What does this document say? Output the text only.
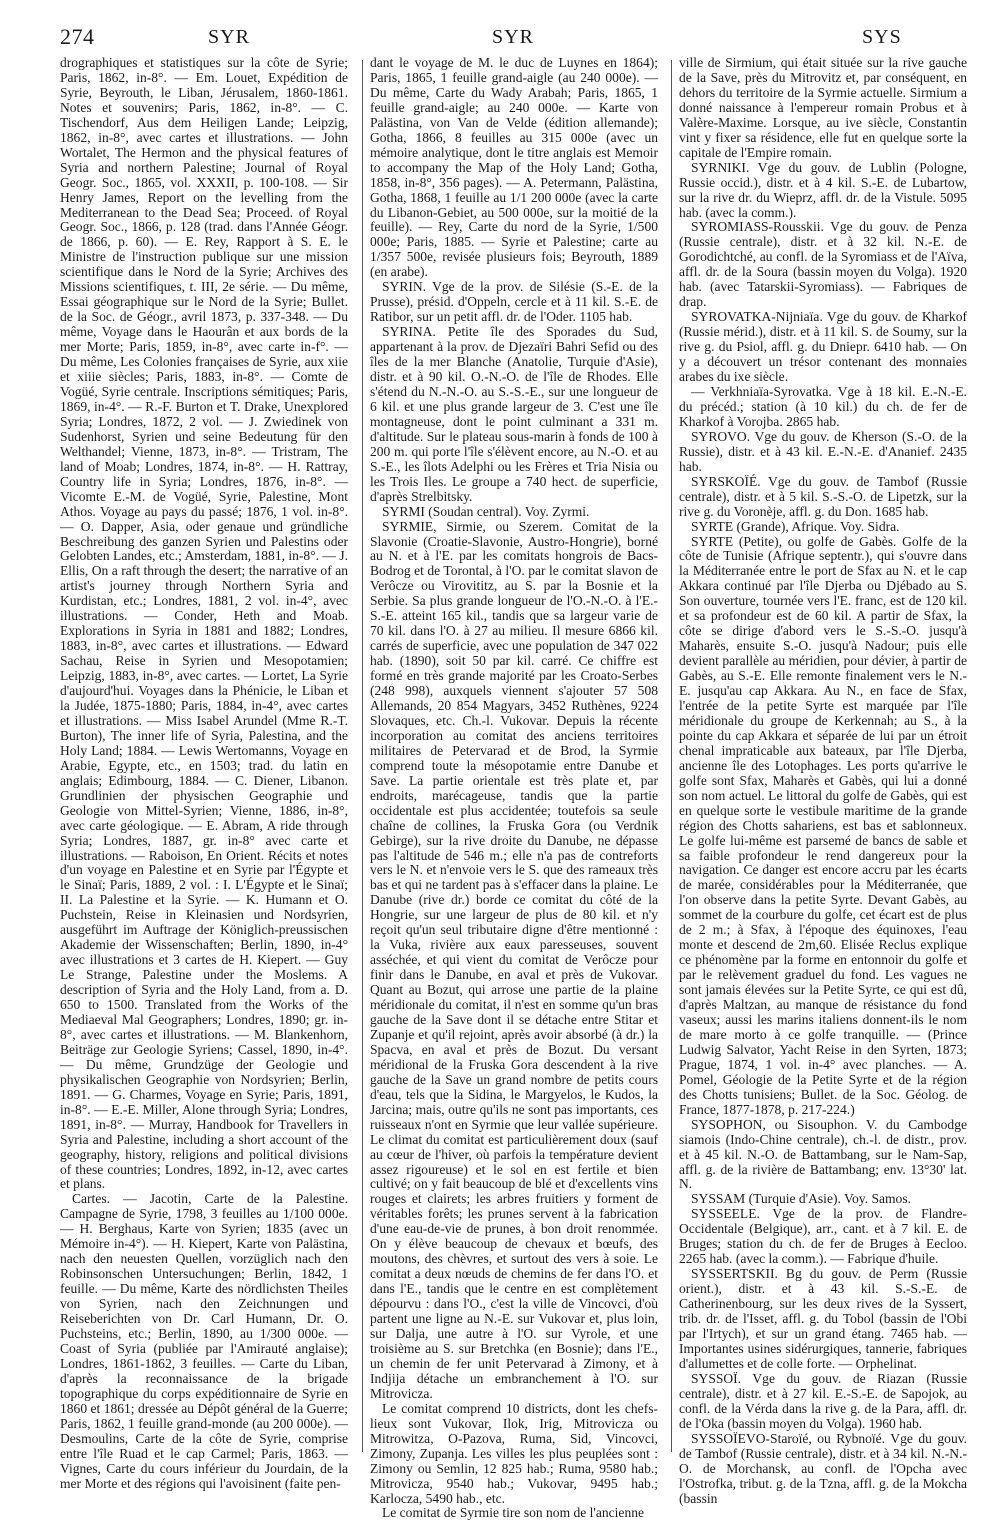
274	SYR	SYR	SYS

drographiques et statistiques sur la côte de Syrie; Paris, 1862, in-8°. — Em. Louet, Expédition de Syrie, Beyrouth, le Liban, Jérusalem, 1860-1861. Notes et souvenirs; Paris, 1862, in-8°. — C. Tischendorf, Aus dem Heiligen Lande; Leipzig, 1862, in-8°, avec cartes et illustrations. — John Wortalet, The Hermon and the physical features of Syria and northern Palestine; Journal of Royal Geogr. Soc., 1865, vol. XXXII, p. 100-108. — Sir Henry James, Report on the levelling from the Mediterranean to the Dead Sea; Proceed. of Royal Geogr. Soc., 1866, p. 128 (trad. dans l'Année Géogr. de 1866, p. 60). — E. Rey, Rapport à S. E. le Ministre de l'instruction publique sur une mission scientifique dans le Nord de la Syrie; Archives des Missions scientifiques, t. III, 2e série. — Du même, Essai géographique sur le Nord de la Syrie; Bullet. de la Soc. de Géogr., avril 1873, p. 337-348. — Du même, Voyage dans le Haourân et aux bords de la mer Morte; Paris, 1859, in-8°, avec carte in-f°. — Du même, Les Colonies françaises de Syrie, aux xiie et xiiie siècles; Paris, 1883, in-8°. — Comte de Vogüé, Syrie centrale. Inscriptions sémitiques; Paris, 1869, in-4°. — R.-F. Burton et T. Drake, Unexplored Syria; Londres, 1872, 2 vol. — J. Zwiedinek von Sudenhorst, Syrien und seine Bedeutung für den Welthandel; Vienne, 1873, in-8°. — Tristram, The land of Moab; Londres, 1874, in-8°. — H. Rattray, Country life in Syria; Londres, 1876, in-8°. — Vicomte E.-M. de Vogüé, Syrie, Palestine, Mont Athos. Voyage au pays du passé; 1876, 1 vol. in-8°. — O. Dapper, Asia, oder genaue und gründliche Beschreibung des ganzen Syrien und Palestins oder Gelobten Landes, etc.; Amsterdam, 1881, in-8°. — J. Ellis, On a raft through the desert; the narrative of an artist's journey through Northern Syria and Kurdistan, etc.; Londres, 1881, 2 vol. in-4°, avec illustrations. — Conder, Heth and Moab. Explorations in Syria in 1881 and 1882; Londres, 1883, in-8°, avec cartes et illustrations. — Edward Sachau, Reise in Syrien und Mesopotamien; Leipzig, 1883, in-8°, avec cartes. — Lortet, La Syrie d'aujourd'hui. Voyages dans la Phénicie, le Liban et la Judée, 1875-1880; Paris, 1884, in-4°, avec cartes et illustrations. — Miss Isabel Arundel (Mme R.-T. Burton), The inner life of Syria, Palestina, and the Holy Land; 1884. — Lewis Wertomanns, Voyage en Arabie, Egypte, etc., en 1503; trad. du latin en anglais; Edimbourg, 1884. — C. Diener, Libanon. Grundlinien der physischen Geographie und Geologie von Mittel-Syrien; Vienne, 1886, in-8°, avec carte géologique. — E. Abram, A ride through Syria; Londres, 1887, gr. in-8° avec carte et illustrations. — Raboison, En Orient. Récits et notes d'un voyage en Palestine et en Syrie par l'Égypte et le Sinaï; Paris, 1889, 2 vol. : I. L'Égypte et le Sinaï; II. La Palestine et la Syrie. — K. Humann et O. Puchstein, Reise in Kleinasien und Nordsyrien, ausgeführt im Auftrage der Königlich-preussischen Akademie der Wissenschaften; Berlin, 1890, in-4° avec illustrations et 3 cartes de H. Kiepert. — Guy Le Strange, Palestine under the Moslems. A description of Syria and the Holy Land, from a. D. 650 to 1500. Translated from the Works of the Mediaeval Mal Geographers; Londres, 1890; gr. in-8°, avec cartes et illustrations. — M. Blankenhorn, Beiträge zur Geologie Syriens; Cassel, 1890, in-4°. — Du même, Grundzüge der Geologie und physikalischen Geographie von Nordsyrien; Berlin, 1891. — G. Charmes, Voyage en Syrie; Paris, 1891, in-8°. — E.-E. Miller, Alone through Syria; Londres, 1891, in-8°. — Murray, Handbook for Travellers in Syria and Palestine, including a short account of the geography, history, religions and political divisions of these countries; Londres, 1892, in-12, avec cartes et plans.

Cartes. — Jacotin, Carte de la Palestine. Campagne de Syrie, 1798, 3 feuilles au 1/100 000e. — H. Berghaus, Karte von Syrien; 1835 (avec un Mémoire in-4°). — H. Kiepert, Karte von Palästina, nach den neuesten Quellen, vorzüglich nach den Robinsonschen Untersuchungen; Berlin, 1842, 1 feuille. — Du même, Karte des nördlichsten Theiles von Syrien, nach den Zeichnungen und Reiseberichten von Dr. Carl Humann, Dr. O. Puchsteins, etc.; Berlin, 1890, au 1/300 000e. — Coast of Syria (publiée par l'Amirauté anglaise); Londres, 1861-1862, 3 feuilles. — Carte du Liban, d'après la reconnaissance de la brigade topographique du corps expéditionnaire de Syrie en 1860 et 1861; dressée au Dépôt général de la Guerre; Paris, 1862, 1 feuille grand-monde (au 200 000e). — Desmoulins, Carte de la côte de Syrie, comprise entre l'île Ruad et le cap Carmel; Paris, 1863. — Vignes, Carte du cours inférieur du Jourdain, de la mer Morte et des régions qui l'avoisinent (faite pen-

dant le voyage de M. le duc de Luynes en 1864); Paris, 1865, 1 feuille grand-aigle (au 240 000e). — Du même, Carte du Wady Arabah; Paris, 1865, 1 feuille grand-aigle; au 240 000e. — Karte von Palästina, von Van de Velde (édition allemande); Gotha, 1866, 8 feuilles au 315 000e (avec un mémoire analytique, dont le titre anglais est Memoir to accompany the Map of the Holy Land; Gotha, 1858, in-8°, 356 pages). — A. Petermann, Palästina, Gotha, 1868, 1 feuille au 1/1 200 000e (avec la carte du Libanon-Gebiet, au 500 000e, sur la moitié de la feuille). — Rey, Carte du nord de la Syrie, 1/500 000e; Paris, 1885. — Syrie et Palestine; carte au 1/357 500e, revisée plusieurs fois; Beyrouth, 1889 (en arabe).

SYRIN. Vge de la prov. de Silésie (S.-E. de la Prusse), présid. d'Oppeln, cercle et à 11 kil. S.-E. de Ratibor, sur un petit affl. dr. de l'Oder. 1105 hab.

SYRINA. Petite île des Sporades du Sud, appartenant à la prov. de Djezaïri Bahri Sefid ou des îles de la mer Blanche (Anatolie, Turquie d'Asie), distr. et à 90 kil. O.-N.-O. de l'île de Rhodes. Elle s'étend du N.-N.-O. au S.-S.-E., sur une longueur de 6 kil. et une plus grande largeur de 3. C'est une île montagneuse, dont le point culminant a 331 m. d'altitude. Sur le plateau sous-marin à fonds de 100 à 200 m. qui porte l'île s'élèvent encore, au N.-O. et au S.-E., les îlots Adelphi ou les Frères et Tria Nisia ou les Trois Iles. Le groupe a 740 hect. de superficie, d'après Strelbitsky.

SYRMI (Soudan central). Voy. Zyrmi.

SYRMIE, Sirmie, ou Szerem. Comitat de la Slavonie (Croatie-Slavonie, Austro-Hongrie), borné au N. et à l'E. par les comitats hongrois de Bacs-Bodrog et de Torontal, à l'O. par le comitat slavon de Verôcze ou Virovititz, au S. par la Bosnie et la Serbie. Sa plus grande longueur de l'O.-N.-O. à l'E.-S.-E. atteint 165 kil., tandis que sa largeur varie de 70 kil. dans l'O. à 27 au milieu. Il mesure 6866 kil. carrés de superficie, avec une population de 347 022 hab. (1890), soit 50 par kil. carré. Ce chiffre est formé en très grande majorité par les Croato-Serbes (248 998), auxquels viennent s'ajouter 57 508 Allemands, 20 854 Magyars, 3452 Ruthènes, 9224 Slovaques, etc. Ch.-l. Vukovar. Depuis la récente incorporation au comitat des anciens territoires militaires de Petervarad et de Brod, la Syrmie comprend toute la mésopotamie entre Danube et Save. La partie orientale est très plate et, par endroits, marécageuse, tandis que la partie occidentale est plus accidentée; toutefois sa seule chaîne de collines, la Fruska Gora (ou Verdnik Gebirge), sur la rive droite du Danube, ne dépasse pas l'altitude de 546 m.; elle n'a pas de contreforts vers le N. et n'envoie vers le S. que des rameaux très bas et qui ne tardent pas à s'effacer dans la plaine. Le Danube (rive dr.) borde ce comitat du côté de la Hongrie, sur une largeur de plus de 80 kil. et n'y reçoit qu'un seul tributaire digne d'être mentionné : la Vuka, rivière aux eaux paresseuses, souvent asséchée, et qui vient du comitat de Verôcze pour finir dans le Danube, en aval et près de Vukovar. Quant au Bozut, qui arrose une partie de la plaine méridionale du comitat, il n'est en somme qu'un bras gauche de la Save dont il se détache entre Stitar et Zupanje et qu'il rejoint, après avoir absorbé (à dr.) la Spacva, en aval et près de Bozut. Du versant méridional de la Fruska Gora descendent à la rive gauche de la Save un grand nombre de petits cours d'eau, tels que la Sidina, le Margyelos, le Kudos, la Jarcina; mais, outre qu'ils ne sont pas importants, ces ruisseaux n'ont en Syrmie que leur vallée supérieure. Le climat du comitat est particulièrement doux (sauf au cœur de l'hiver, où parfois la température devient assez rigoureuse) et le sol en est fertile et bien cultivé; on y fait beaucoup de blé et d'excellents vins rouges et clairets; les arbres fruitiers y forment de véritables forêts; les prunes servent à la fabrication d'une eau-de-vie de prunes, à bon droit renommée. On y élève beaucoup de chevaux et bœufs, des moutons, des chèvres, et surtout des vers à soie. Le comitat a deux nœuds de chemins de fer dans l'O. et dans l'E., tandis que le centre en est complètement dépourvu : dans l'O., c'est la ville de Vincovci, d'où partent une ligne au N.-E. sur Vukovar et, plus loin, sur Dalja, une autre à l'O. sur Vyrole, et une troisième au S. sur Bretchka (en Bosnie); dans l'E., un chemin de fer unit Petervarad à Zimony, et à Indjija détache un embranchement à l'O. sur Mitrovicza.

Le comitat comprend 10 districts, dont les chefs-lieux sont Vukovar, Ilok, Irig, Mitrovicza ou Mitrowitza, O-Pazova, Ruma, Sid, Vincovci, Zimony, Zupanja. Les villes les plus peuplées sont : Zimony ou Semlin, 12 825 hab.; Ruma, 9580 hab.; Mitrovicza, 9540 hab.; Vukovar, 9495 hab.; Karlocza, 5490 hab., etc.

Le comitat de Syrmie tire son nom de l'ancienne

ville de Sirmium, qui était située sur la rive gauche de la Save, près du Mitrovitz et, par conséquent, en dehors du territoire de la Syrmie actuelle. Sirmium a donné naissance à l'empereur romain Probus et à Valère-Maxime. Lorsque, au ive siècle, Constantin vint y fixer sa résidence, elle fut en quelque sorte la capitale de l'Empire romain.

SYRNIKI. Vge du gouv. de Lublin (Pologne, Russie occid.), distr. et à 4 kil. S.-E. de Lubartow, sur la rive dr. du Wieprz, affl. dr. de la Vistule. 5095 hab. (avec la comm.).

SYROMIASS-Rousskii. Vge du gouv. de Penza (Russie centrale), distr. et à 32 kil. N.-E. de Gorodichtché, au confl. de la Syromiass et de l'Aïva, affl. dr. de la Soura (bassin moyen du Volga). 1920 hab. (avec Tatarskii-Syromiass). — Fabriques de drap.

SYROVATKA-Nijniaïa. Vge du gouv. de Kharkof (Russie mérid.), distr. et à 11 kil. S. de Soumy, sur la rive g. du Psiol, affl. g. du Dniepr. 6410 hab. — On y a découvert un trésor contenant des monnaies arabes du ixe siècle.

— Verkhniaïa-Syrovatka. Vge à 18 kil. E.-N.-E. du précéd.; station (à 10 kil.) du ch. de fer de Kharkof à Vorojba. 2865 hab.

SYROVO. Vge du gouv. de Kherson (S.-O. de la Russie), distr. et à 43 kil. E.-N.-E. d'Ananief. 2435 hab.

SYRSKOÏÉ. Vge du gouv. de Tambof (Russie centrale), distr. et à 5 kil. S.-S.-O. de Lipetzk, sur la rive g. du Voronèje, affl. g. du Don. 1685 hab.

SYRTE (Grande), Afrique. Voy. Sidra.

SYRTE (Petite), ou golfe de Gabès. Golfe de la côte de Tunisie (Afrique septentr.), qui s'ouvre dans la Méditerranée entre le port de Sfax au N. et le cap Akkara continué par l'île Djerba ou Djébado au S. Son ouverture, tournée vers l'E. franc, est de 120 kil. et sa profondeur est de 60 kil. A partir de Sfax, la côte se dirige d'abord vers le S.-S.-O. jusqu'à Maharès, ensuite S.-O. jusqu'à Nadour; puis elle devient parallèle au méridien, pour dévier, à partir de Gabès, au S.-E. Elle remonte finalement vers le N.-E. jusqu'au cap Akkara. Au N., en face de Sfax, l'entrée de la petite Syrte est marquée par l'île méridionale du groupe de Kerkennah; au S., à la pointe du cap Akkara et séparée de lui par un étroit chenal impraticable aux bateaux, par l'île Djerba, ancienne île des Lotophages. Les ports qu'arrive le golfe sont Sfax, Maharès et Gabès, qui lui a donné son nom actuel. Le littoral du golfe de Gabès, qui est en quelque sorte le vestibule maritime de la grande région des Chotts sahariens, est bas et sablonneux. Le golfe lui-même est parsemé de bancs de sable et sa faible profondeur le rend dangereux pour la navigation. Ce danger est encore accru par les écarts de marée, considérables pour la Méditerranée, que l'on observe dans la petite Syrte. Devant Gabès, au sommet de la courbure du golfe, cet écart est de plus de 2 m.; à Sfax, à l'époque des équinoxes, l'eau monte et descend de 2m,60. Elisée Reclus explique ce phénomène par la forme en entonnoir du golfe et par le relèvement graduel du fond. Les vagues ne sont jamais élevées sur la Petite Syrte, ce qui est dû, d'après Maltzan, au manque de résistance du fond vaseux; aussi les marins italiens donnent-ils le nom de mare morto à ce golfe tranquille. — (Prince Ludwig Salvator, Yacht Reise in den Syrten, 1873; Prague, 1874, 1 vol. in-4° avec planches. — A. Pomel, Géologie de la Petite Syrte et de la région des Chotts tunisiens; Bullet. de la Soc. Géolog. de France, 1877-1878, p. 217-224.)

SYSOPHON, ou Sisouphon. V. du Cambodge siamois (Indo-Chine centrale), ch.-l. de distr., prov. et à 45 kil. N.-O. de Battambang, sur le Nam-Sap, affl. g. de la rivière de Battambang; env. 13°30' lat. N.

SYSSAM (Turquie d'Asie). Voy. Samos.

SYSSEELE. Vge de la prov. de Flandre-Occidentale (Belgique), arr., cant. et à 7 kil. E. de Bruges; station du ch. de fer de Bruges à Eecloo. 2265 hab. (avec la comm.). — Fabrique d'huile.

SYSSERTSKII. Bg du gouv. de Perm (Russie orient.), distr. et à 43 kil. S.-S.-E. de Catherinenbourg, sur les deux rives de la Syssert, trib. dr. de l'Isset, affl. g. du Tobol (bassin de l'Obi par l'Irtych), et sur un grand étang. 7465 hab. — Importantes usines sidérurgiques, tannerie, fabriques d'allumettes et de colle forte. — Orphelinat.

SYSSOÏ. Vge du gouv. de Riazan (Russie centrale), distr. et à 27 kil. E.-S.-E. de Sapojok, au confl. de la Vérda dans la rive g. de la Para, affl. dr. de l'Oka (bassin moyen du Volga). 1960 hab.

SYSSOÏEVO-Staroïé, ou Rybnoïé. Vge du gouv. de Tambof (Russie centrale), distr. et à 34 kil. N.-N.-O. de Morchansk, au confl. de l'Opcha avec l'Ostrofka, tribut. g. de la Tzna, affl. g. de la Mokcha (bassin
